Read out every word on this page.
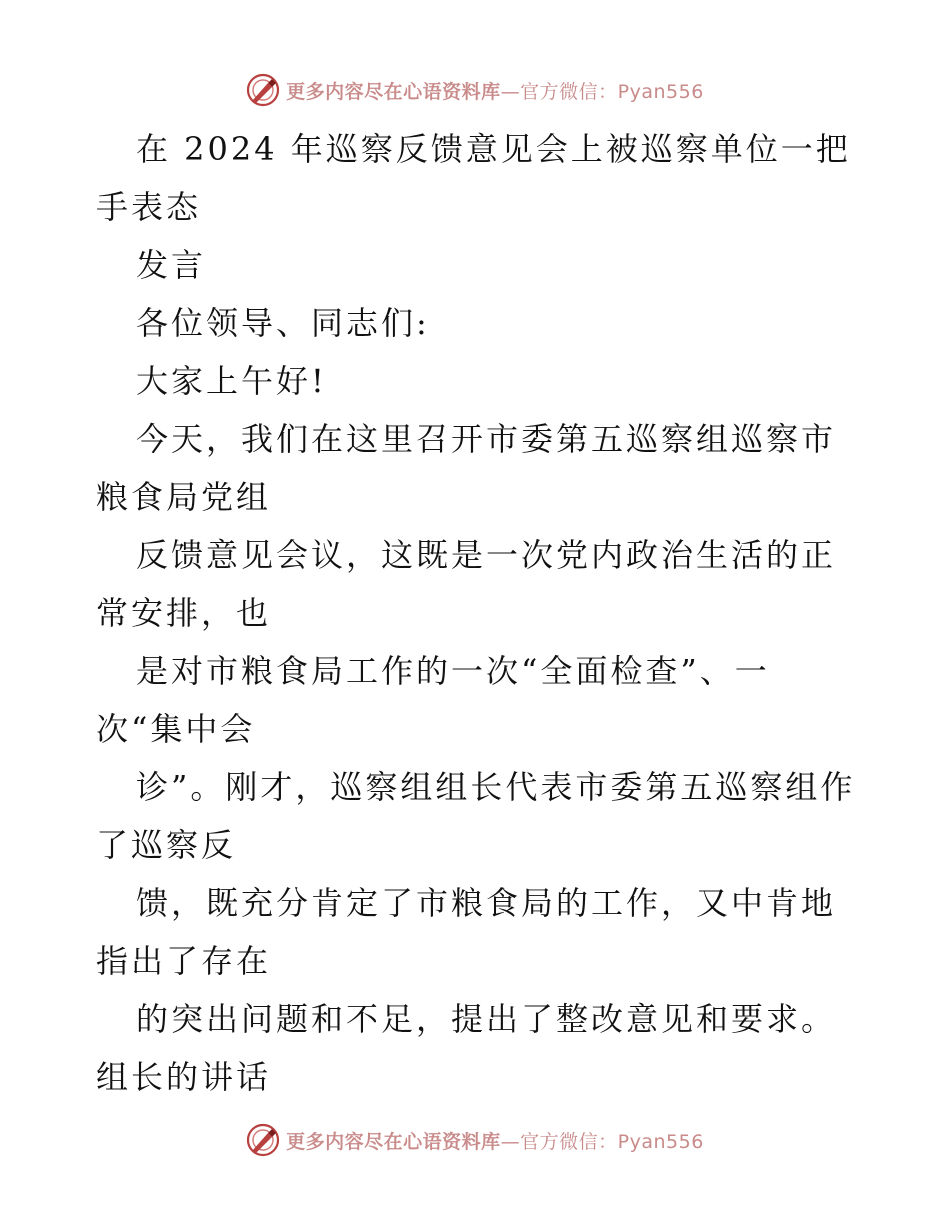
更多内容尽在心语资料库—官方微信：Pyan556

在 2024 年巡察反馈意见会上被巡察单位一把手表态

发言

各位领导、同志们:

大家上午好!

今天，我们在这里召开市委第五巡察组巡察市粮食局党组

反馈意见会议，这既是一次党内政治生活的正常安排，也

是对市粮食局工作的一次“全面检查”、一次“集中会

诊”。刚才，巡察组组长代表市委第五巡察组作了巡察反

馈，既充分肯定了市粮食局的工作，又中肯地指出了存在

的突出问题和不足，提出了整改意见和要求。组长的讲话

更多内容尽在心语资料库—官方微信：Pyan556
